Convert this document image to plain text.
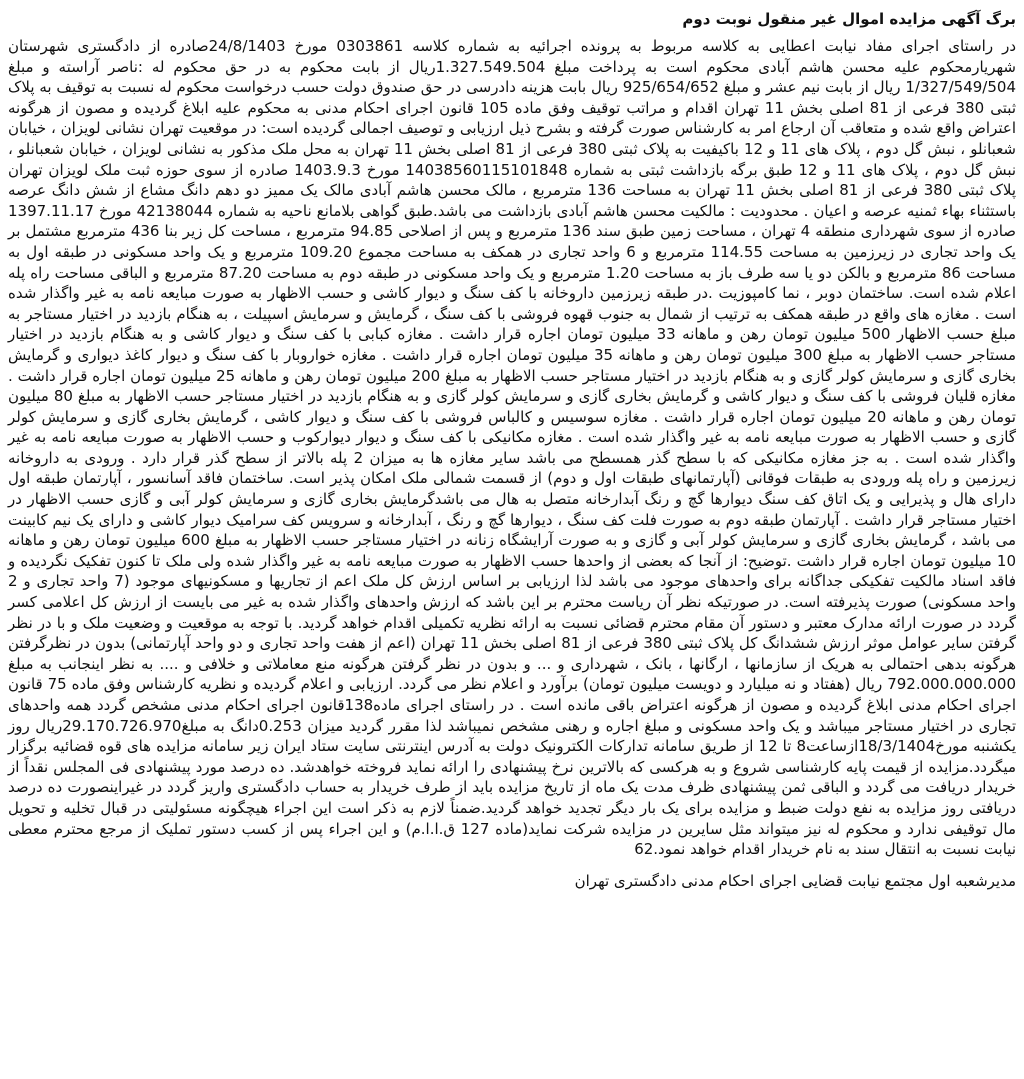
برگ آگهی مزایده اموال غیر منقول نوبت دوم

در راستای اجرای مفاد نیابت اعطایی به کلاسه مربوط به پرونده اجرائیه به شماره کلاسه 0303861 مورخ 24/8/1403صادره از دادگستری شهرستان شهریارمحکوم علیه محسن هاشم آبادی محکوم است به پرداخت مبلغ 1.327.549.504ریال از بابت محکوم به در حق محکوم له :ناصر آراسته و مبلغ 1/327/549/504 ریال از بابت نیم عشر و مبلغ 925/654/652 ریال بابت هزینه دادرسی در حق صندوق دولت حسب درخواست محکوم له نسبت به توقیف به پلاک ثبتی 380 فرعی از 81 اصلی بخش 11 تهران اقدام و مراتب توقیف وفق ماده 105 قانون اجرای احکام مدنی به محکوم علیه ابلاغ گردیده و مصون از هرگونه اعتراض واقع شده و متعاقب آن ارجاع امر به کارشناس صورت گرفته و بشرح ذیل ارزیابی و توصیف اجمالی گردیده است: در موقعیت تهران نشانی لویزان ، خیابان شعبانلو ، نبش گل دوم ، پلاک های 11 و 12 باکیفیت به پلاک ثبتی 380 فرعی از 81 اصلی بخش 11 تهران به محل ملک مذکور به نشانی لویزان ، خیابان شعبانلو ، نبش گل دوم ، پلاک های 11 و 12 طبق برگه بازداشت ثبتی به شماره 14038560115101848 مورخ 1403.9.3 صادره از سوی حوزه ثبت ملک لویزان تهران پلاک ثبتی 380 فرعی از 81 اصلی بخش 11 تهران به مساحت 136 مترمربع ، مالک محسن هاشم آبادی مالک یک ممیز دو دهم دانگ مشاع از شش دانگ عرصه باستثناء بهاء ثمنیه عرصه و اعیان . محدودیت : مالکیت محسن هاشم آبادی بازداشت می باشد.طبق گواهی بلامانع ناحیه به شماره 42138044 مورخ 1397.11.17 صادره از سوی شهرداری منطقه 4 تهران ، مساحت زمین طبق سند 136 مترمربع و پس از اصلاحی 94.85 مترمربع ، مساحت کل زیر بنا 436 مترمربع مشتمل بر یک واحد تجاری در زیرزمین به مساحت 114.55 مترمربع و 6 واحد تجاری در همکف به مساحت مجموع 109.20 مترمربع و یک واحد مسکونی در طبقه اول به مساحت 86 مترمربع و بالکن دو یا سه طرف باز به مساحت 1.20 مترمربع و یک واحد مسکونی در طبقه دوم به مساحت 87.20 مترمربع و الباقی مساحت راه پله اعلام شده است. ساختمان دوبر ، نما کامپوزیت .در طبقه زیرزمین داروخانه با کف سنگ و دیوار کاشی و حسب الاظهار به صورت مبایعه نامه به غیر واگذار شده است . مغازه های واقع در طبقه همکف به ترتیب از شمال به جنوب قهوه فروشی با کف سنگ ، گرمایش و سرمایش اسپیلت ، به هنگام بازدید در اختیار مستاجر به مبلغ حسب الاظهار 500 میلیون تومان رهن و ماهانه 33 میلیون تومان اجاره قرار داشت . مغازه کبابی با کف سنگ و دیوار کاشی و به هنگام بازدید در اختیار مستاجر حسب الاظهار به مبلغ 300 میلیون تومان رهن و ماهانه 35 میلیون تومان اجاره قرار داشت . مغازه خواروبار با کف سنگ و دیوار کاغذ دیواری و گرمایش بخاری گازی و سرمایش کولر گازی و به هنگام بازدید در اختیار مستاجر حسب الاظهار به مبلغ 200 میلیون تومان رهن و ماهانه 25 میلیون تومان اجاره قرار داشت . مغازه قلیان فروشی با کف سنگ و دیوار کاشی و گرمایش بخاری گازی و سرمایش کولر گازی و به هنگام بازدید در اختیار مستاجر حسب الاظهار به مبلغ 80 میلیون تومان رهن و ماهانه 20 میلیون تومان اجاره قرار داشت . مغازه سوسیس و کالباس فروشی با کف سنگ و دیوار کاشی ، گرمایش بخاری گازی و سرمایش کولر گازی و حسب الاظهار به صورت مبایعه نامه به غیر واگذار شده است . مغازه مکانیکی با کف سنگ و دیوار دیوارکوب و حسب الاظهار به صورت مبایعه نامه به غیر واگذار شده است . به جز مغازه مکانیکی که با سطح گذر همسطح می باشد سایر مغازه ها به میزان 2 پله بالاتر از سطح گذر قرار دارد . ورودی به داروخانه زیرزمین و راه پله ورودی به طبقات فوقانی (آپارتمانهای طبقات اول و دوم) از قسمت شمالی ملک امکان پذیر است. ساختمان فاقد آسانسور ، آپارتمان طبقه اول دارای هال و پذیرایی و یک اتاق کف سنگ دیوارها گچ و رنگ آبدارخانه متصل به هال می باشدگرمایش بخاری گازی و سرمایش کولر آبی و گازی حسب الاظهار در اختیار مستاجر قرار داشت . آپارتمان طبقه دوم به صورت فلت کف سنگ ، دیوارها گچ و رنگ ، آبدارخانه و سرویس کف سرامیک دیوار کاشی و دارای یک نیم کابینت می باشد ، گرمایش بخاری گازی و سرمایش کولر آبی و گازی و به صورت آرایشگاه زنانه در اختیار مستاجر حسب الاظهار به مبلغ 600 میلیون تومان رهن و ماهانه 10 میلیون تومان اجاره قرار داشت .توضیح: از آنجا که بعضی از واحدها حسب الاظهار به صورت مبایعه نامه به غیر واگذار شده ولی ملک تا کنون تفکیک نگردیده و فاقد اسناد مالکیت تفکیکی جداگانه برای واحدهای موجود می باشد لذا ارزیابی بر اساس ارزش کل ملک اعم از تجاریها و مسکونیهای موجود (7 واحد تجاری و 2 واحد مسکونی) صورت پذیرفته است. در صورتیکه نظر آن ریاست محترم بر این باشد که ارزش واحدهای واگذار شده به غیر می بایست از ارزش کل اعلامی کسر گردد در صورت ارائه مدارک معتبر و دستور آن مقام محترم قضائی نسبت به ارائه نظریه تکمیلی اقدام خواهد گردید. با توجه به موقعیت و وضعیت ملک و با در نظر گرفتن سایر عوامل موثر ارزش ششدانگ کل پلاک ثبتی 380 فرعی از 81 اصلی بخش 11 تهران (اعم از هفت واحد تجاری و دو واحد آپارتمانی) بدون در نظرگرفتن هرگونه بدهی احتمالی به هریک از سازمانها ، ارگانها ، بانک ، شهرداری و ... و بدون در نظر گرفتن هرگونه منع معاملاتی و خلافی و .... به نظر اینجانب به مبلغ 792.000.000.000 ریال (هفتاد و نه میلیارد و دویست میلیون تومان) برآورد و اعلام نظر می گردد. ارزیابی و اعلام گردیده و نظریه کارشناس وفق ماده 75 قانون اجرای احکام مدنی ابلاغ گردیده و مصون از هرگونه اعتراض باقی مانده است . در راستای اجرای ماده138قانون اجرای احکام مدنی مشخص گردد همه واحدهای تجاری در اختیار مستاجر میباشد و یک واحد مسکونی و مبلغ اجاره و رهنی مشخص نمیباشد لذا مقرر گردید میزان 0.253دانگ به مبلغ29.170.726.970ریال روز یکشنبه مورخ18/3/1404ازساعت8 تا 12 از طریق سامانه تدارکات الکترونیک دولت به آدرس اینترنتی سایت ستاد ایران زیر سامانه مزایده های قوه قضائیه برگزار میگردد.مزایده از قیمت پایه کارشناسی شروع و به هرکسی که بالاترین نرخ پیشنهادی را ارائه نماید فروخته خواهدشد. ده درصد مورد پیشنهادی فی المجلس نقداً از خریدار دریافت می گردد و الباقی ثمن پیشنهادی ظرف مدت یک ماه از تاریخ مزایده باید از طرف خریدار به حساب دادگستری واریز گردد در غیراینصورت ده درصد دریافتی روز مزایده به نفع دولت ضبط و مزایده برای یک بار دیگر تجدید خواهد گردید.ضمناً لازم به ذکر است این اجراء هیچگونه مسئولیتی در قبال تخلیه و تحویل مال توقیفی ندارد و محکوم له نیز میتواند مثل سایرین در مزایده شرکت نماید(ماده 127 ق.ا.ا.م) و این اجراء پس از کسب دستور تملیک از مرجع محترم معطی نیابت نسبت به انتقال سند به نام خریدار اقدام خواهد نمود.62

مدیرشعبه اول مجتمع نیابت قضایی اجرای احکام مدنی دادگستری تهران
